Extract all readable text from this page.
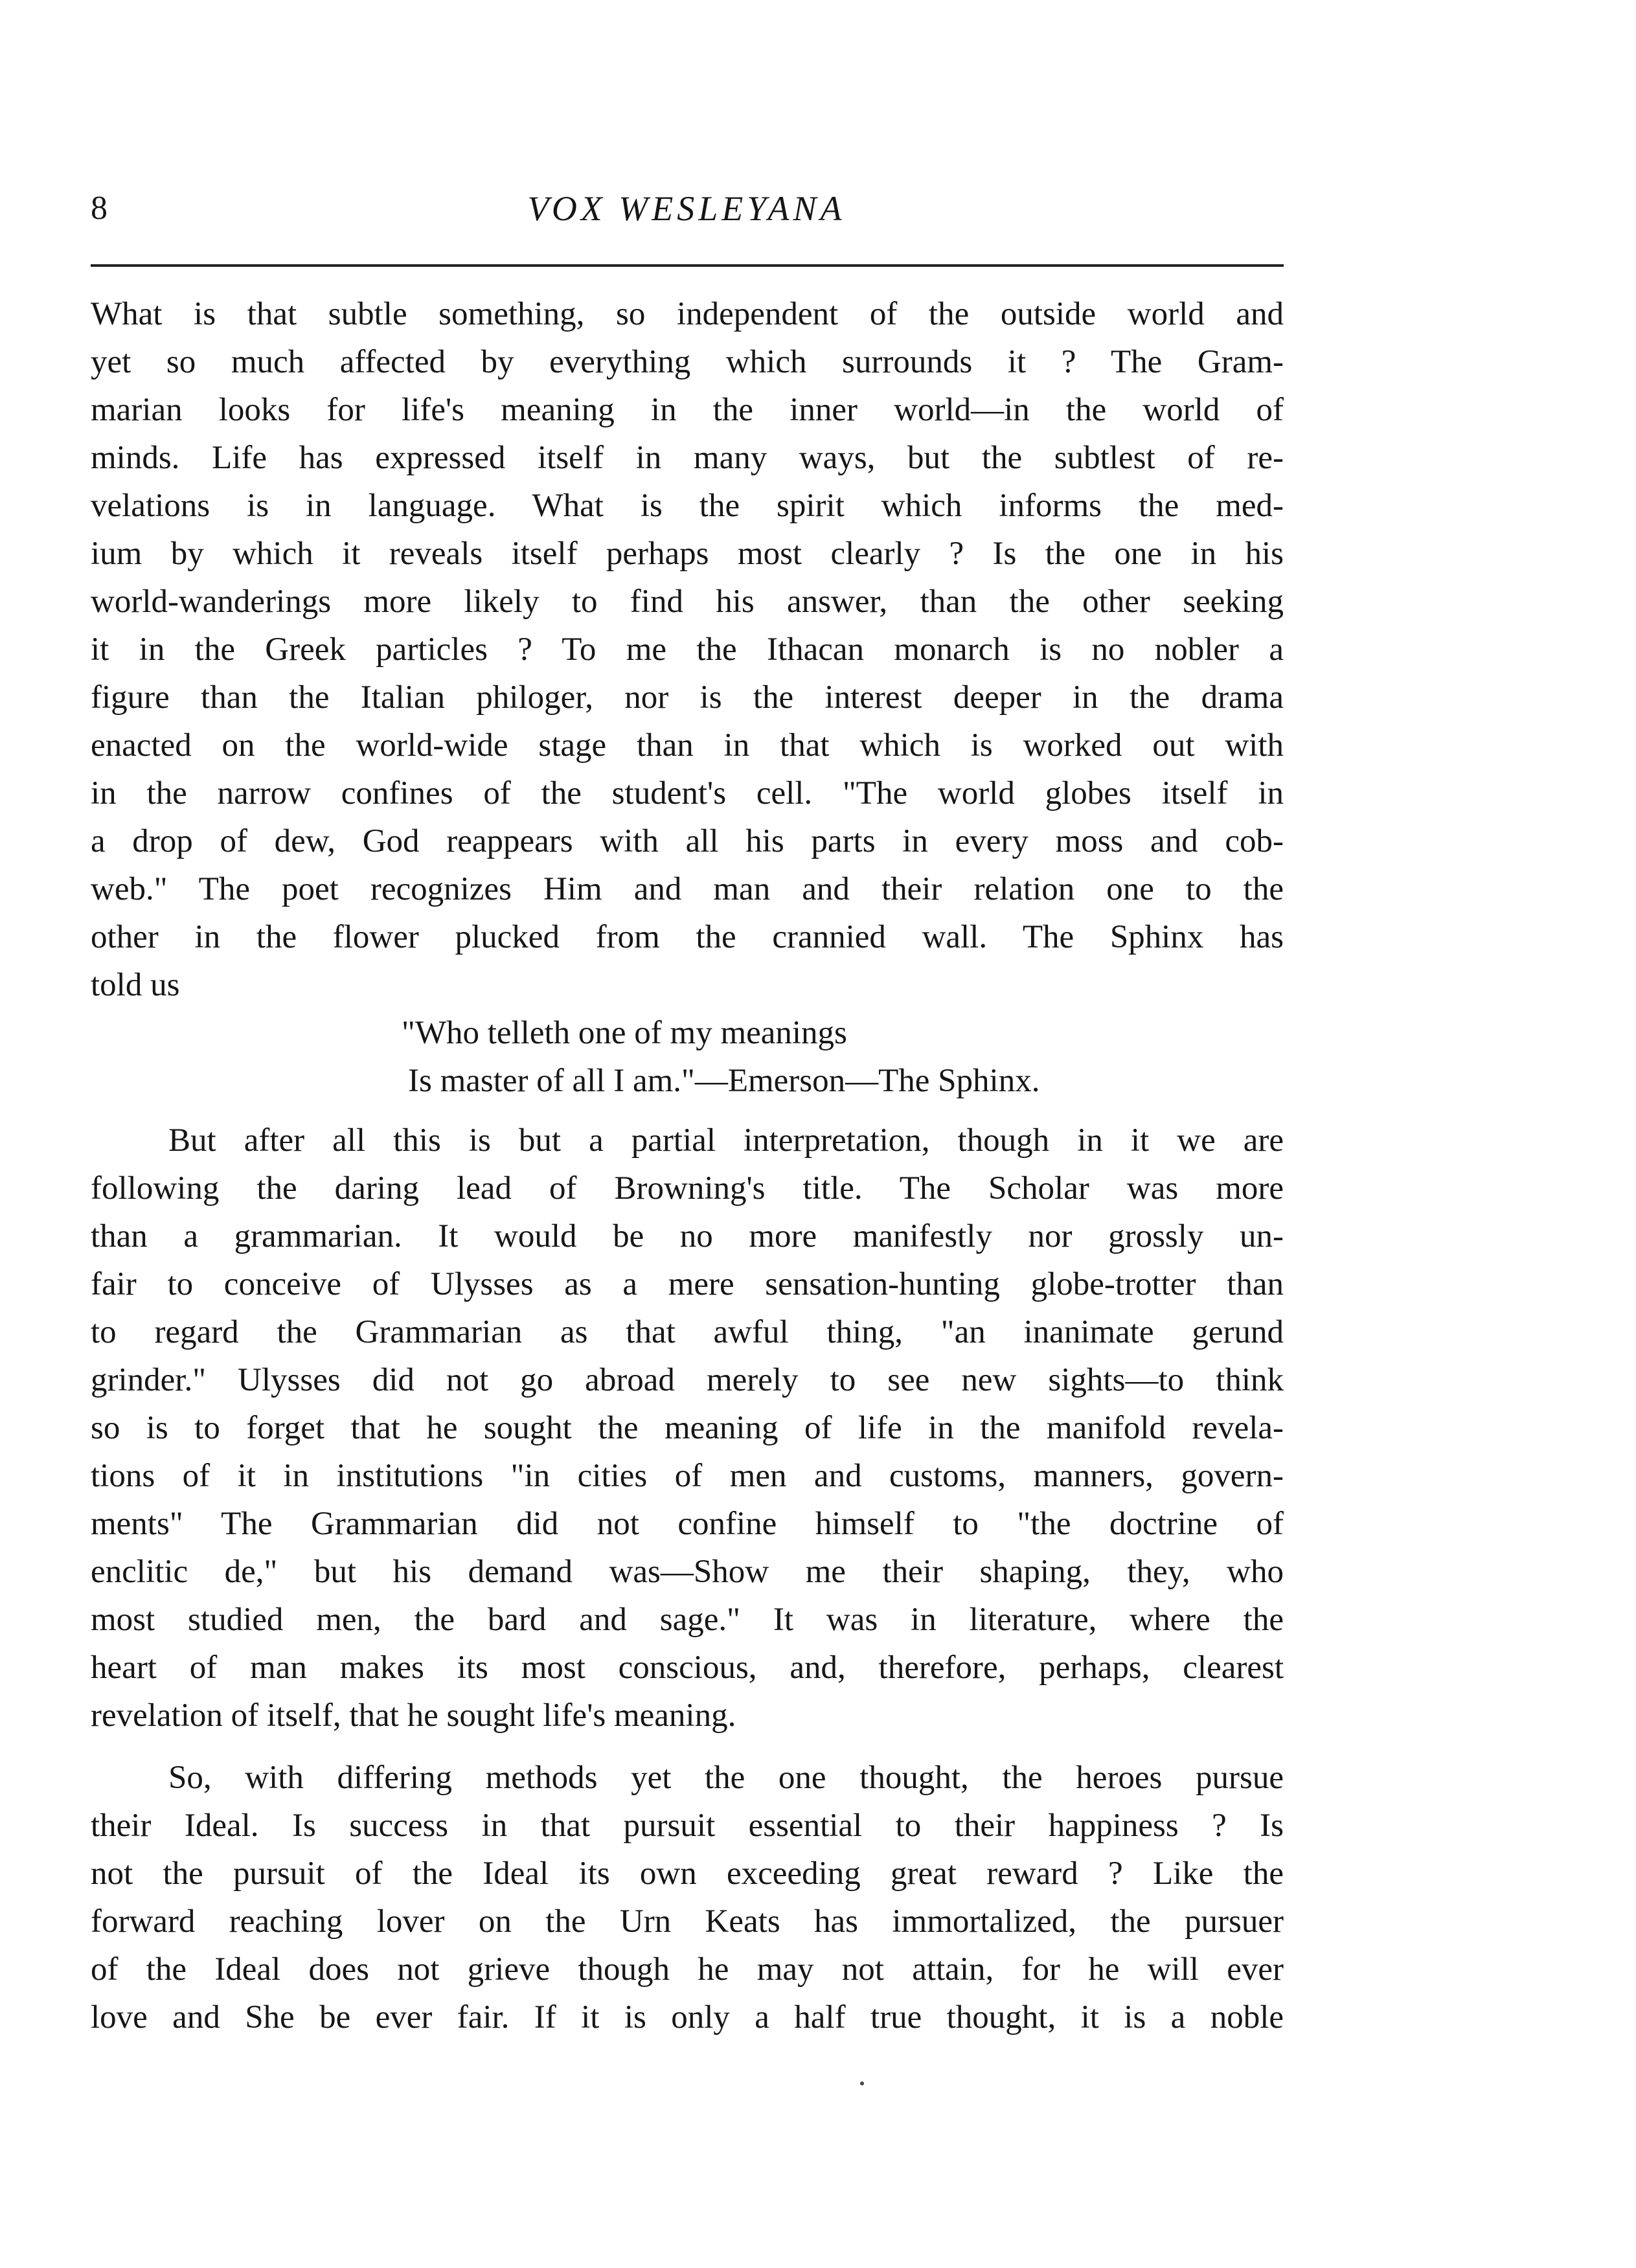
8	VOX WESLEYANA
What is that subtle something, so independent of the outside world and
yet so much affected by everything which surrounds it ? The Gram-
marian looks for life's meaning in the inner world—in the world of
minds. Life has expressed itself in many ways, but the subtlest of re-
velations is in language. What is the spirit which informs the med-
ium by which it reveals itself perhaps most clearly ? Is the one in his
world-wanderings more likely to find his answer, than the other seeking
it in the Greek particles ? To me the Ithacan monarch is no nobler a
figure than the Italian philoger, nor is the interest deeper in the drama
enacted on the world-wide stage than in that which is worked out with
in the narrow confines of the student's cell. "The world globes itself in
a drop of dew, God reappears with all his parts in every moss and cob-
web." The poet recognizes Him and man and their relation one to the
other in the flower plucked from the crannied wall. The Sphinx has
told us
"Who telleth one of my meanings
Is master of all I am."—Emerson—The Sphinx.
But after all this is but a partial interpretation, though in it we are
following the daring lead of Browning's title. The Scholar was more
than a grammarian. It would be no more manifestly nor grossly un-
fair to conceive of Ulysses as a mere sensation-hunting globe-trotter than
to regard the Grammarian as that awful thing, "an inanimate gerund
grinder." Ulysses did not go abroad merely to see new sights—to think
so is to forget that he sought the meaning of life in the manifold revela-
tions of it in institutions "in cities of men and customs, manners, govern-
ments" The Grammarian did not confine himself to "the doctrine of
enclitic de," but his demand was—Show me their shaping, they, who
most studied men, the bard and sage." It was in literature, where the
heart of man makes its most conscious, and, therefore, perhaps, clearest
revelation of itself, that he sought life's meaning.
So, with differing methods yet the one thought, the heroes pursue
their Ideal. Is success in that pursuit essential to their happiness ? Is
not the pursuit of the Ideal its own exceeding great reward ? Like the
forward reaching lover on the Urn Keats has immortalized, the pursuer
of the Ideal does not grieve though he may not attain, for he will ever
love and She be ever fair. If it is only a half true thought, it is a noble
